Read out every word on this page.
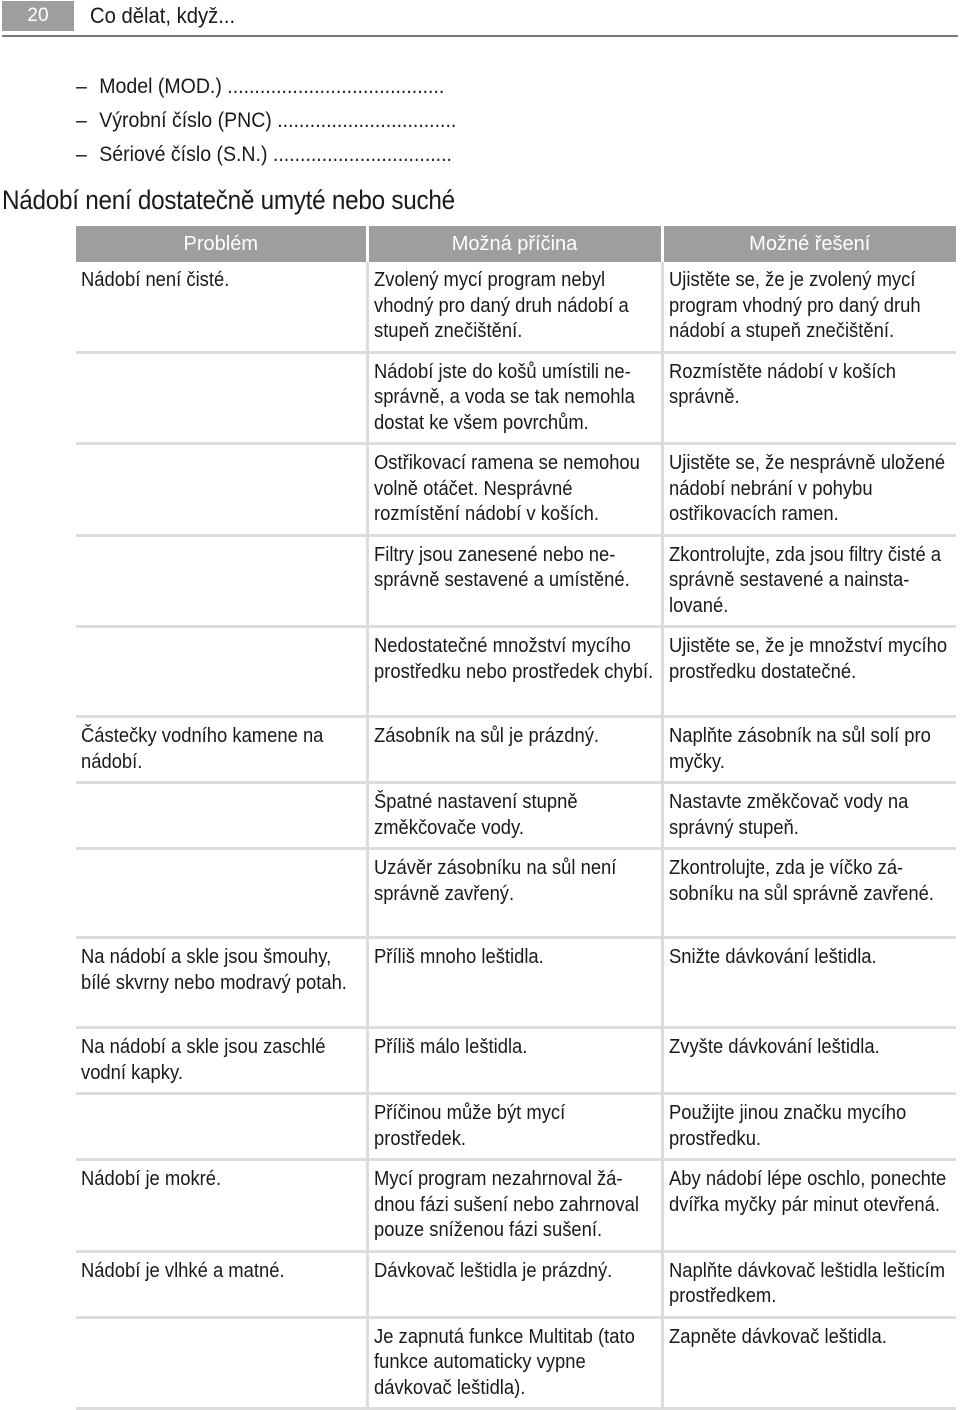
20	Co dělat, když...
– Model (MOD.) ........................................
– Výrobní číslo (PNC) .................................
– Sériové číslo (S.N.) .................................
Nádobí není dostatečně umyté nebo suché
Problém	Možná příčina	Možné řešení

Nádobí není čisté.	Zvolený mycí program nebyl vhodný pro daný druh nádobí a stupeň znečištění.	Ujistěte se, že je zvolený mycí program vhodný pro daný druh nádobí a stupeň znečištění.

	Nádobí jste do košů umístili nesprávně, a voda se tak nemohla dostat ke všem povrchům.	Rozmístěte nádobí v koších správně.

	Ostřikovací ramena se nemohou volně otáčet. Nesprávné rozmístění nádobí v koších.	Ujistěte se, že nesprávně uložené nádobí nebrání v pohybu ostřikovacích ramen.

	Filtry jsou zanesené nebo nesprávně sestavené a umístěné.	Zkontrolujte, zda jsou filtry čisté a správně sestavené a nainstalované.

	Nedostatečné množství mycího prostředku nebo prostředek chybí.	Ujistěte se, že je množství mycího prostředku dostatečné.

Částečky vodního kamene na nádobí.	Zásobník na sůl je prázdný.	Naplňte zásobník na sůl solí pro myčky.

	Špatné nastavení stupně změkčovače vody.	Nastavte změkčovač vody na správný stupeň.

	Uzávěr zásobníku na sůl není správně zavřený.	Zkontrolujte, zda je víčko zásobníku na sůl správně zavřené.

Na nádobí a skle jsou šmouhy, bílé skvrny nebo modravý potah.	Příliš mnoho leštidla.	Snižte dávkování leštidla.

Na nádobí a skle jsou zaschlé vodní kapky.	Příliš málo leštidla.	Zvyšte dávkování leštidla.

	Příčinou může být mycí prostředek.	Použijte jinou značku mycího prostředku.

Nádobí je mokré.	Mycí program nezahrnoval žádnou fázi sušení nebo zahrnoval pouze sníženou fázi sušení.	Aby nádobí lépe oschlo, ponechte dvířka myčky pár minut otevřená.

Nádobí je vlhké a matné.	Dávkovač leštidla je prázdný.	Naplňte dávkovač leštidla lešticím prostředkem.

	Je zapnutá funkce Multitab (tato funkce automaticky vypne dávkovač leštidla).	Zapněte dávkovač leštidla.
